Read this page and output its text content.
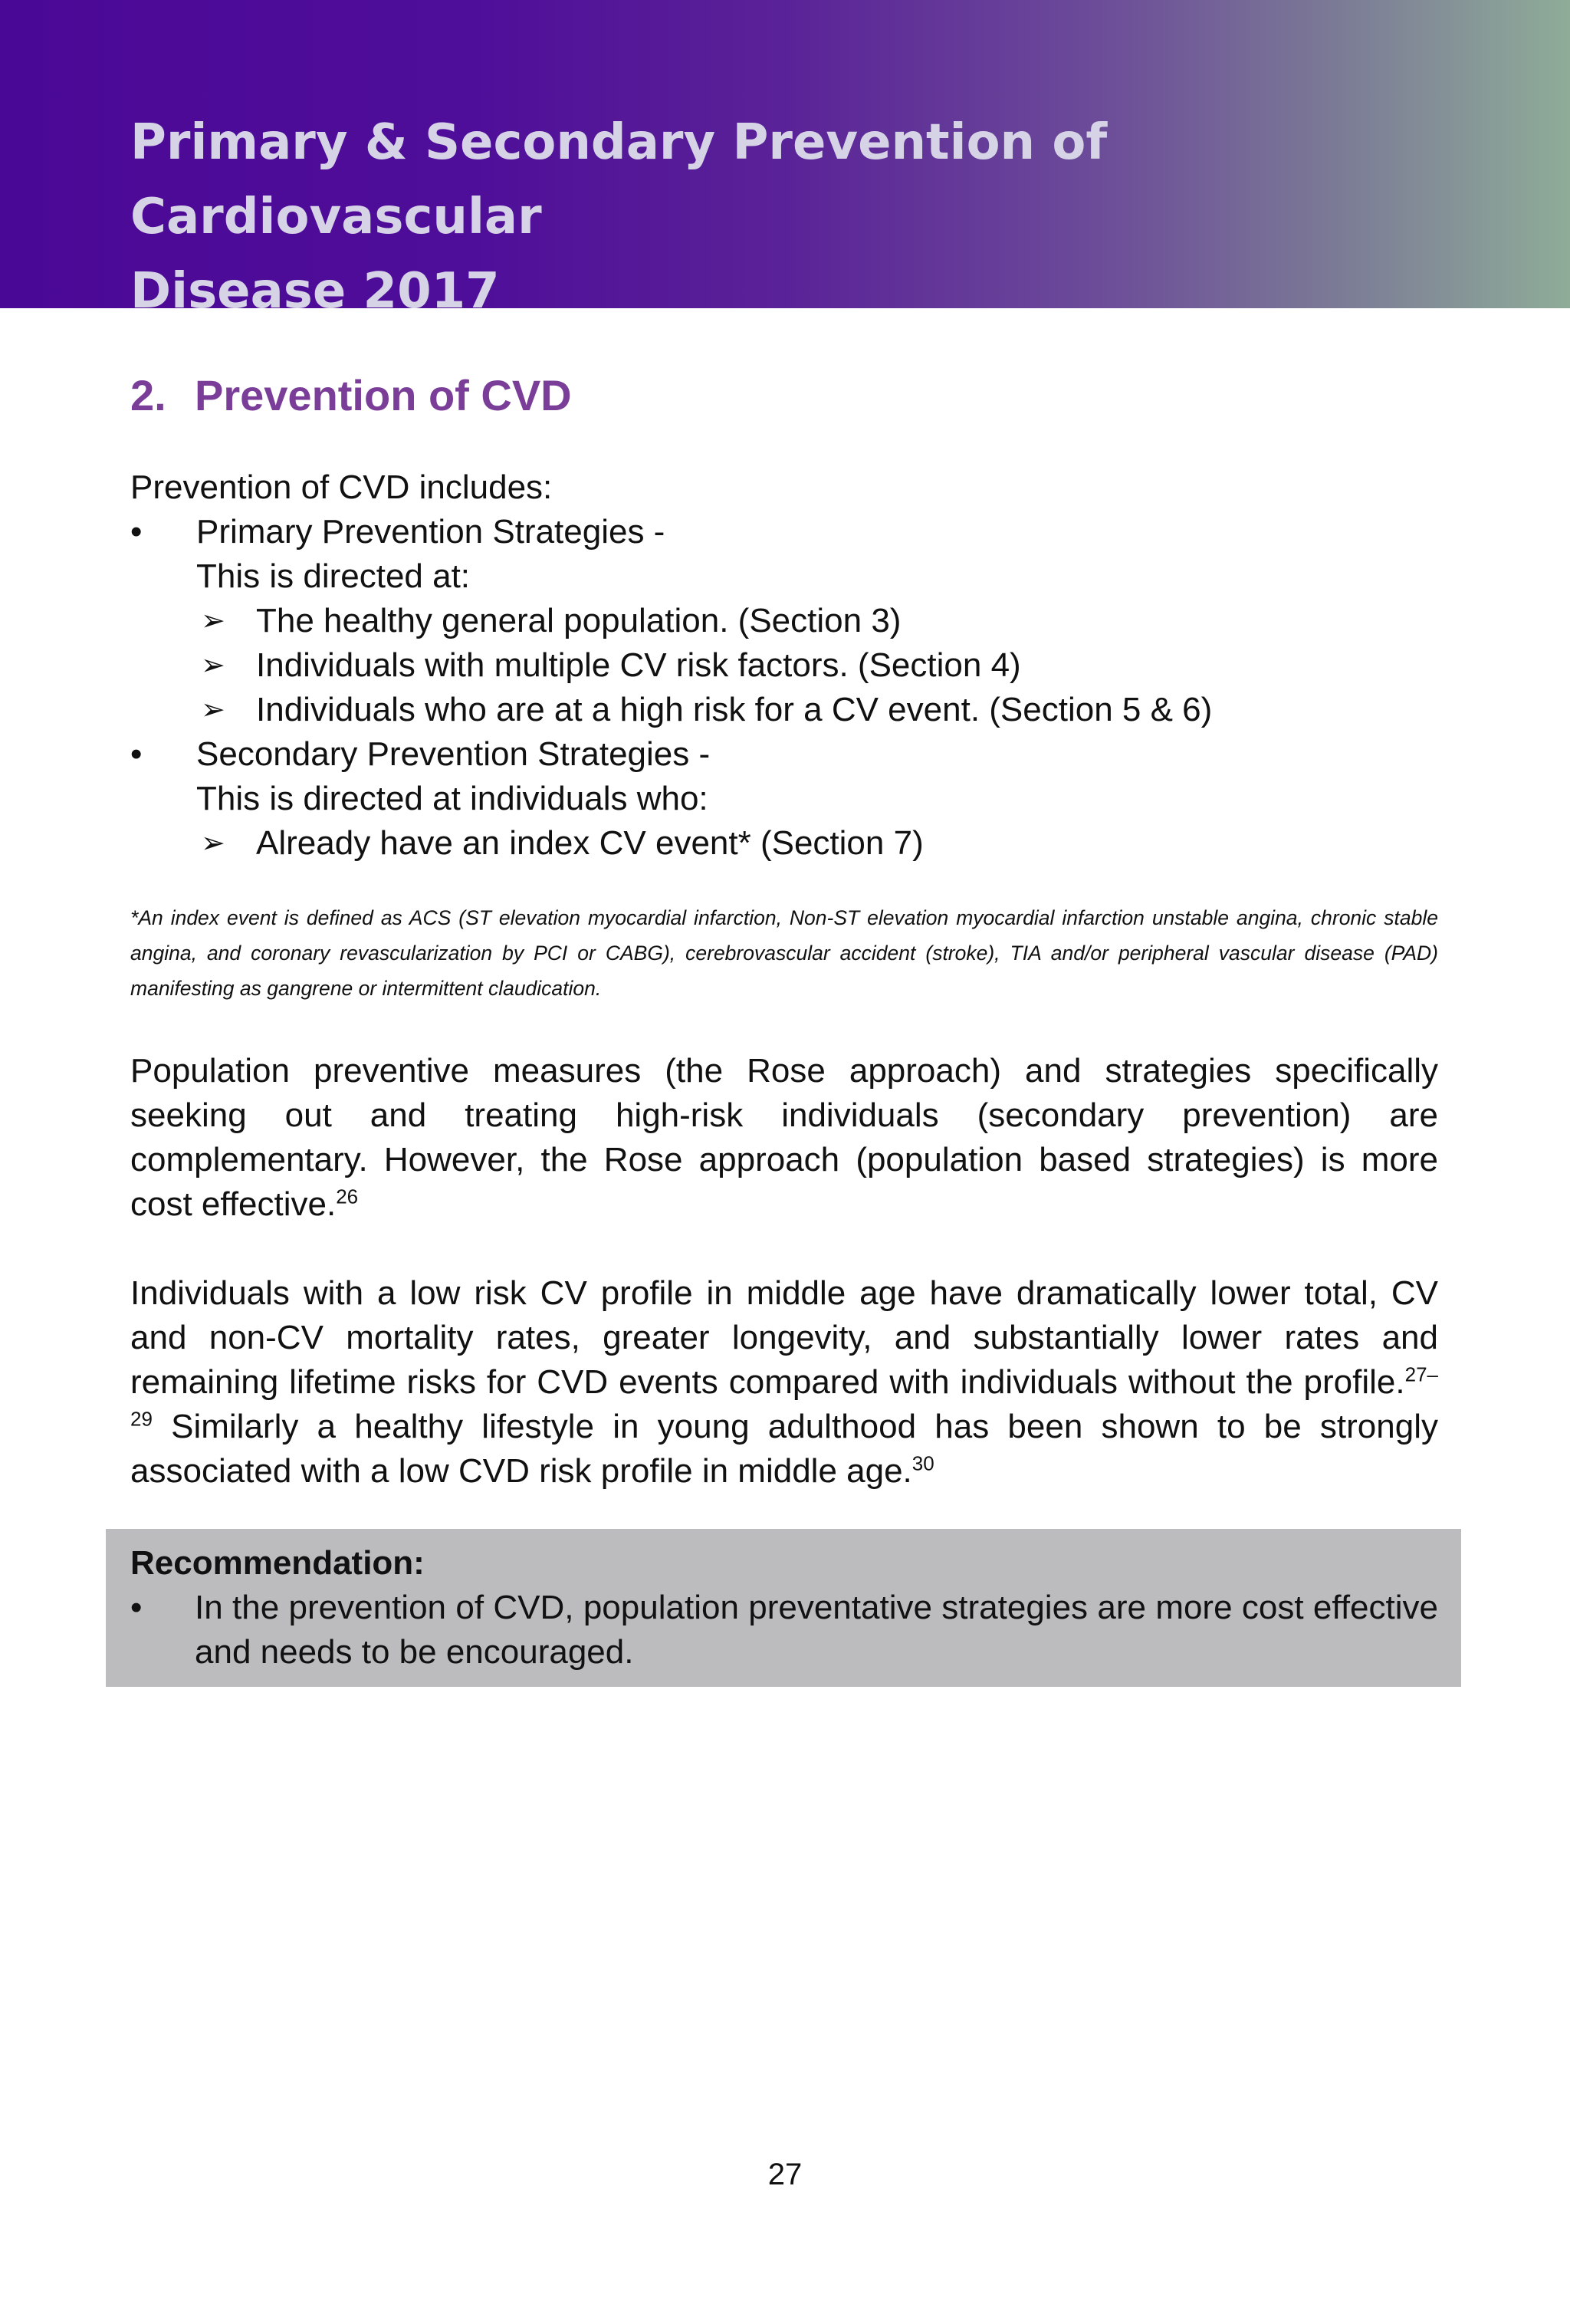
Primary & Secondary Prevention of Cardiovascular
Disease 2017
2. Prevention of CVD

Prevention of CVD includes:

•	Primary Prevention Strategies -

This is directed at:

➢ The healthy general population. (Section 3)
➢ Individuals with multiple CV risk factors. (Section 4)
➢ Individuals who are at a high risk for a CV event. (Section 5 & 6)
•	Secondary Prevention Strategies -

This is directed at individuals who:

➢ Already have an index CV event* (Section 7)

*An index event is defined as ACS (ST elevation myocardial infarction, Non-ST elevation myocardial infarction unstable angina, chronic stable angina, and coronary revascularization by PCI or CABG), cerebrovascular accident (stroke), TIA and/or peripheral vascular disease (PAD) manifesting as gangrene or intermittent claudication.

Population preventive measures (the Rose approach) and strategies specifically seeking out and treating high-risk individuals (secondary prevention) are complementary. However, the Rose approach (population based strategies) is more cost effective.$^{26}$

Individuals with a low risk CV profile in middle age have dramatically lower total, CV and non-CV mortality rates, greater longevity, and substantially lower rates and remaining lifetime risks for CVD events compared with individuals without the profile.$^{27-29}$ Similarly a healthy lifestyle in young adulthood has been shown to be strongly associated with a low CVD risk profile in middle age.$^{30}$

Recommendation:

•	In the prevention of CVD, population preventative strategies are more cost effective and needs to be encouraged.

27
